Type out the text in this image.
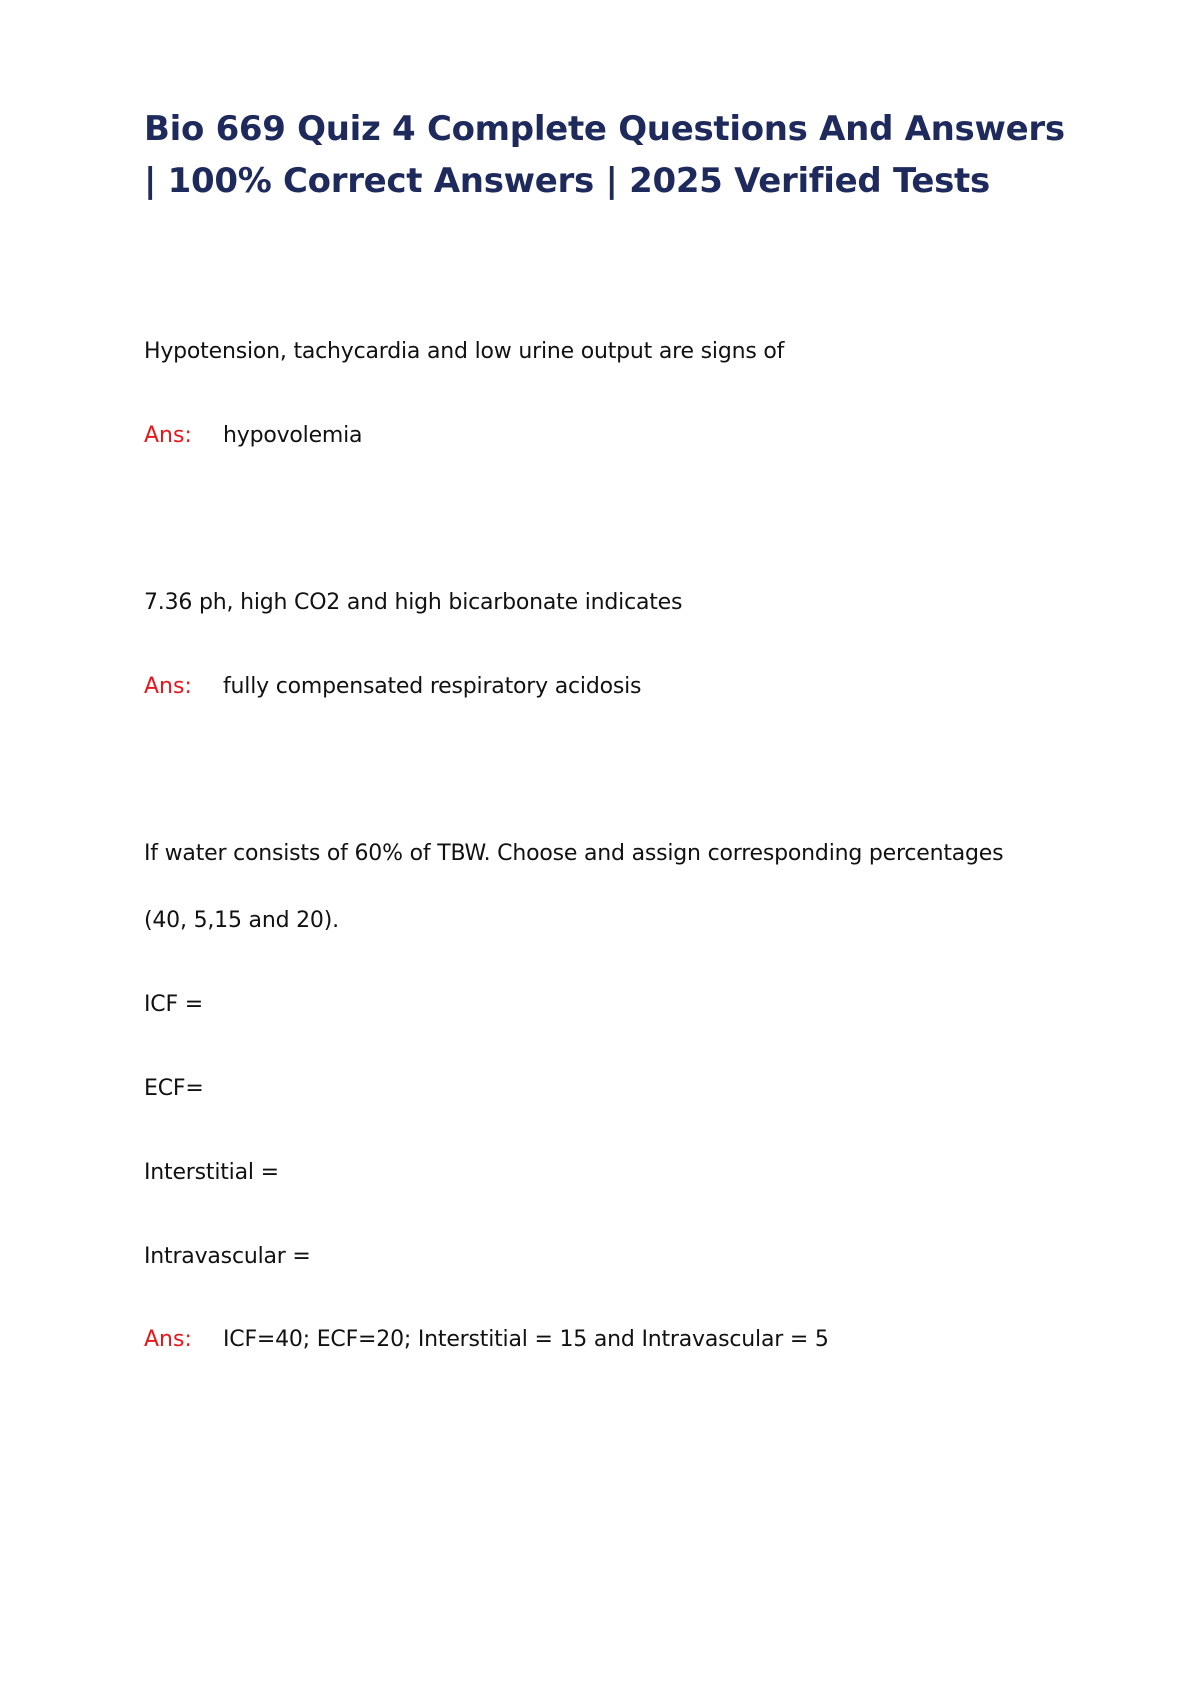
Bio 669 Quiz 4 Complete Questions And Answers | 100% Correct Answers | 2025 Verified Tests

Hypotension, tachycardia and low urine output are signs of

Ans: hypovolemia

7.36 ph, high CO2 and high bicarbonate indicates

Ans: fully compensated respiratory acidosis

If water consists of 60% of TBW. Choose and assign corresponding percentages

(40, 5,15 and 20).

ICF =

ECF=

Interstitial =

Intravascular =

Ans: ICF=40; ECF=20; Interstitial = 15 and Intravascular = 5
